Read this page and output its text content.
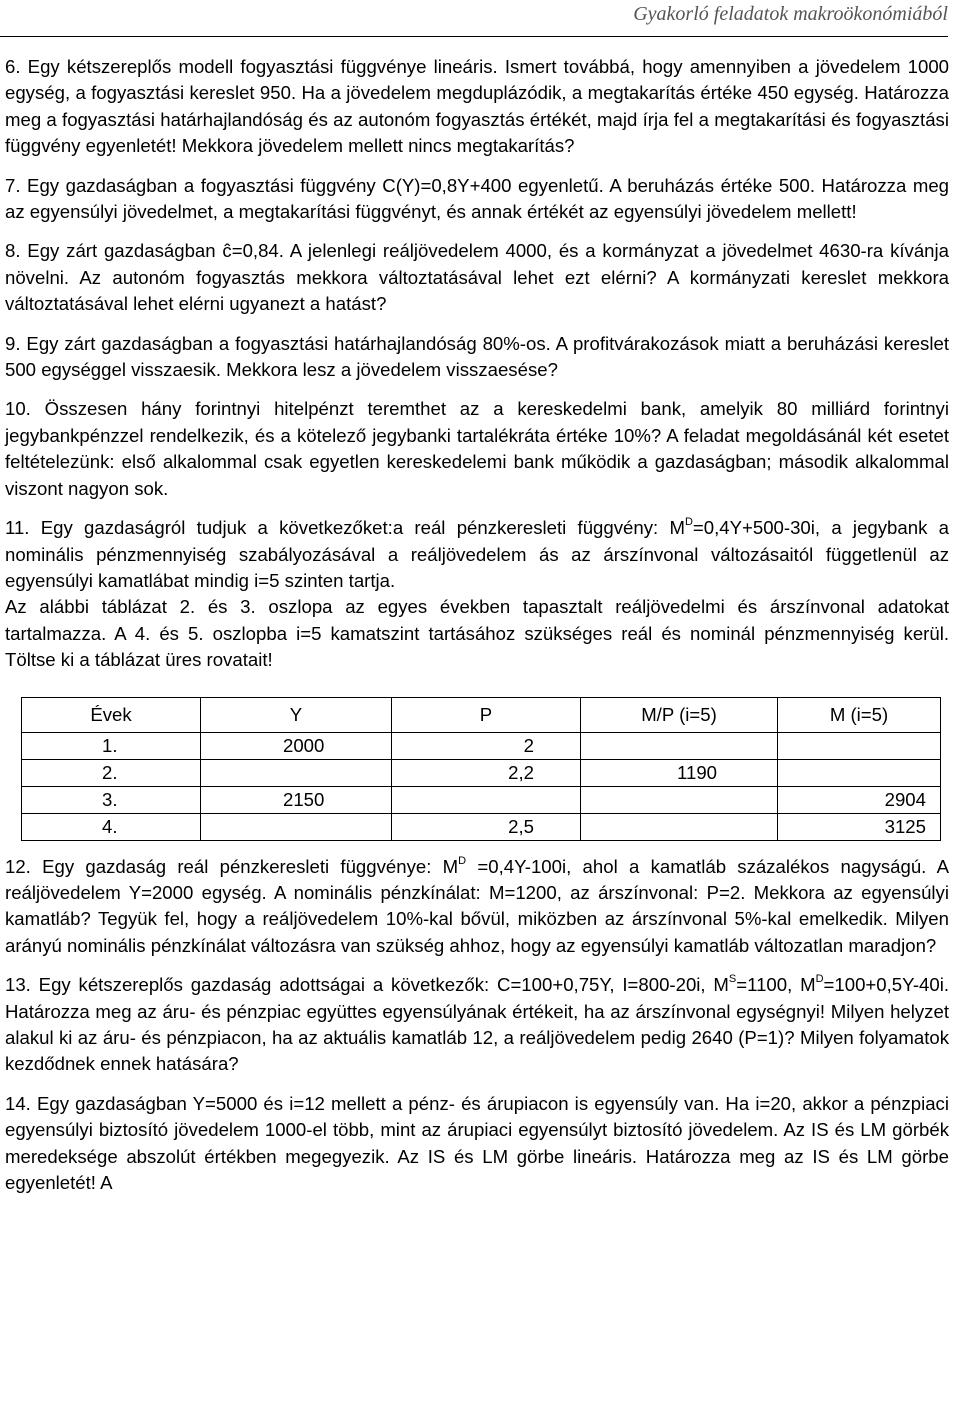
Gyakorló feladatok makroökonómiából

6. Egy kétszereplős modell fogyasztási függvénye lineáris. Ismert továbbá, hogy amennyiben a jövedelem 1000 egység, a fogyasztási kereslet 950. Ha a jövedelem megduplázódik, a megtakarítás értéke 450 egység. Határozza meg a fogyasztási határhajlandóság és az autonóm fogyasztás értékét, majd írja fel a megtakarítási és fogyasztási függvény egyenletét! Mekkora jövedelem mellett nincs megtakarítás?

7. Egy gazdaságban a fogyasztási függvény C(Y)=0,8Y+400 egyenletű. A beruházás értéke 500. Határozza meg az egyensúlyi jövedelmet, a megtakarítási függvényt, és annak értékét az egyensúlyi jövedelem mellett!

8. Egy zárt gazdaságban ĉ=0,84. A jelenlegi reáljövedelem 4000, és a kormányzat a jövedelmet 4630-ra kívánja növelni. Az autonóm fogyasztás mekkora változtatásával lehet ezt elérni? A kormányzati kereslet mekkora változtatásával lehet elérni ugyanezt a hatást?

9. Egy zárt gazdaságban a fogyasztási határhajlandóság 80%-os. A profitvárakozások miatt a beruházási kereslet 500 egységgel visszaesik. Mekkora lesz a jövedelem visszaesése?

10. Összesen hány forintnyi hitelpénzt teremthet az a kereskedelmi bank, amelyik 80 milliárd forintnyi jegybankpénzzel rendelkezik, és a kötelező jegybanki tartalékráta értéke 10%? A feladat megoldásánál két esetet feltételezünk: első alkalommal csak egyetlen kereskedelemi bank működik a gazdaságban; második alkalommal viszont nagyon sok.

11. Egy gazdaságról tudjuk a következőket:a reál pénzkeresleti függvény: $M^D=0,4Y+500-30i$, a jegybank a nominális pénzmennyiség szabályozásával a reáljövedelem ás az árszínvonal változásaitól függetlenül az egyensúlyi kamatlábat mindig i=5 szinten tartja.

Az alábbi táblázat 2. és 3. oszlopa az egyes években tapasztalt reáljövedelmi és árszínvonal adatokat tartalmazza. A 4. és 5. oszlopba i=5 kamatszint tartásához szükséges reál és nominál pénzmennyiség kerül. Töltse ki a táblázat üres rovatait!

Évek	Y	P	M/P (i=5)	M (i=5)
1.	2000	2		
2.		2,2	1190	
3.	2150			2904
4.		2,5		3125

12. Egy gazdaság reál pénzkeresleti függvénye: $M^D =0,4Y-100i$, ahol a kamatláb százalékos nagyságú. A reáljövedelem Y=2000 egység. A nominális pénzkínálat: M=1200, az árszínvonal: P=2. Mekkora az egyensúlyi kamatláb? Tegyük fel, hogy a reáljövedelem 10%-kal bővül, miközben az árszínvonal 5%-kal emelkedik. Milyen arányú nominális pénzkínálat változásra van szükség ahhoz, hogy az egyensúlyi kamatláb változatlan maradjon?

13. Egy kétszereplős gazdaság adottságai a következők: C=100+0,75Y, I=800-20i, $M^S=1100$, $M^D=100+0,5Y-40i$. Határozza meg az áru- és pénzpiac együttes egyensúlyának értékeit, ha az árszínvonal egységnyi! Milyen helyzet alakul ki az áru- és pénzpiacon, ha az aktuális kamatláb 12, a reáljövedelem pedig 2640 (P=1)? Milyen folyamatok kezdődnek ennek hatására?

14. Egy gazdaságban Y=5000 és i=12 mellett a pénz- és árupiacon is egyensúly van. Ha i=20, akkor a pénzpiaci egyensúlyi biztosító jövedelem 1000-el több, mint az árupiaci egyensúlyt biztosító jövedelem. Az IS és LM görbék meredeksége abszolút értékben megegyezik. Az IS és LM görbe lineáris. Határozza meg az IS és LM görbe egyenletét! A
